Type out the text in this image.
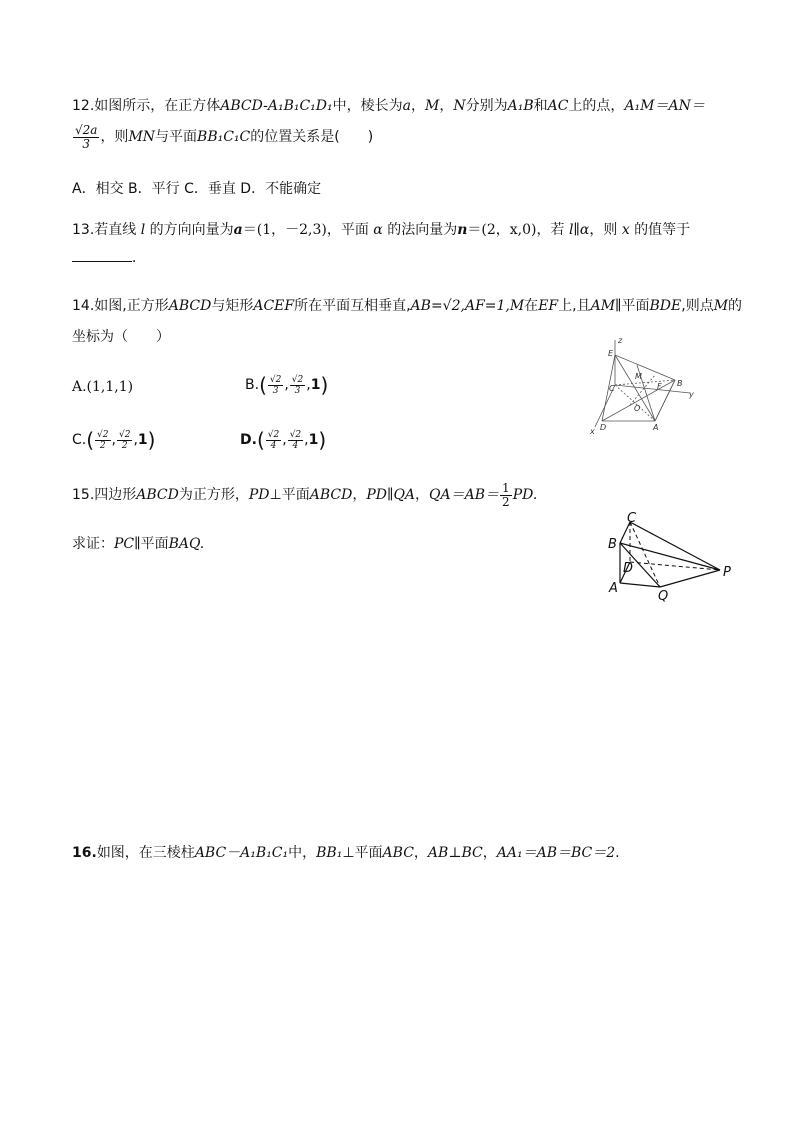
12.如图所示，在正方体ABCD-A₁B₁C₁D₁中，棱长为a，M，N分别为A₁B和AC上的点，A₁M＝AN＝
$\frac{√2a}{3}$ ，则MN与平面BB₁C₁C的位置关系是(　　)
A．相交 B．平行 C．垂直 D．不能确定
13.若直线 l 的方向向量为a＝(1，－2,3)，平面 α 的法向量为n＝(2，x,0)，若 l∥α，则 x 的值等于
．
14.如图,正方形ABCD与矩形ACEF所在平面互相垂直,AB=√2,AF=1,M在EF上,且AM∥平面BDE,则点M的
坐标为（　　）
A.(1,1,1)	$B.( \frac{√2}{3}$ , $\frac{√2}{3} ,1$)
$C.( \frac{√2}{2}$ , $\frac{√2}{2} ,1$)	$D.( \frac{√2}{4}$ , $\frac{√2}{4} ,1$)
z
E
M
F B
y
C
O
D	A
x
15.四边形ABCD为正方形，PD⊥平面ABCD，PD∥QA，$QA=AB= \frac{1}{2}$ PD.
求证：PC∥平面BAQ.
C
B
D
A
Q
P
16.如图，在三棱柱ABC－A₁B₁C₁中，BB₁⊥平面ABC，AB⊥BC，AA₁＝AB＝BC＝2.
